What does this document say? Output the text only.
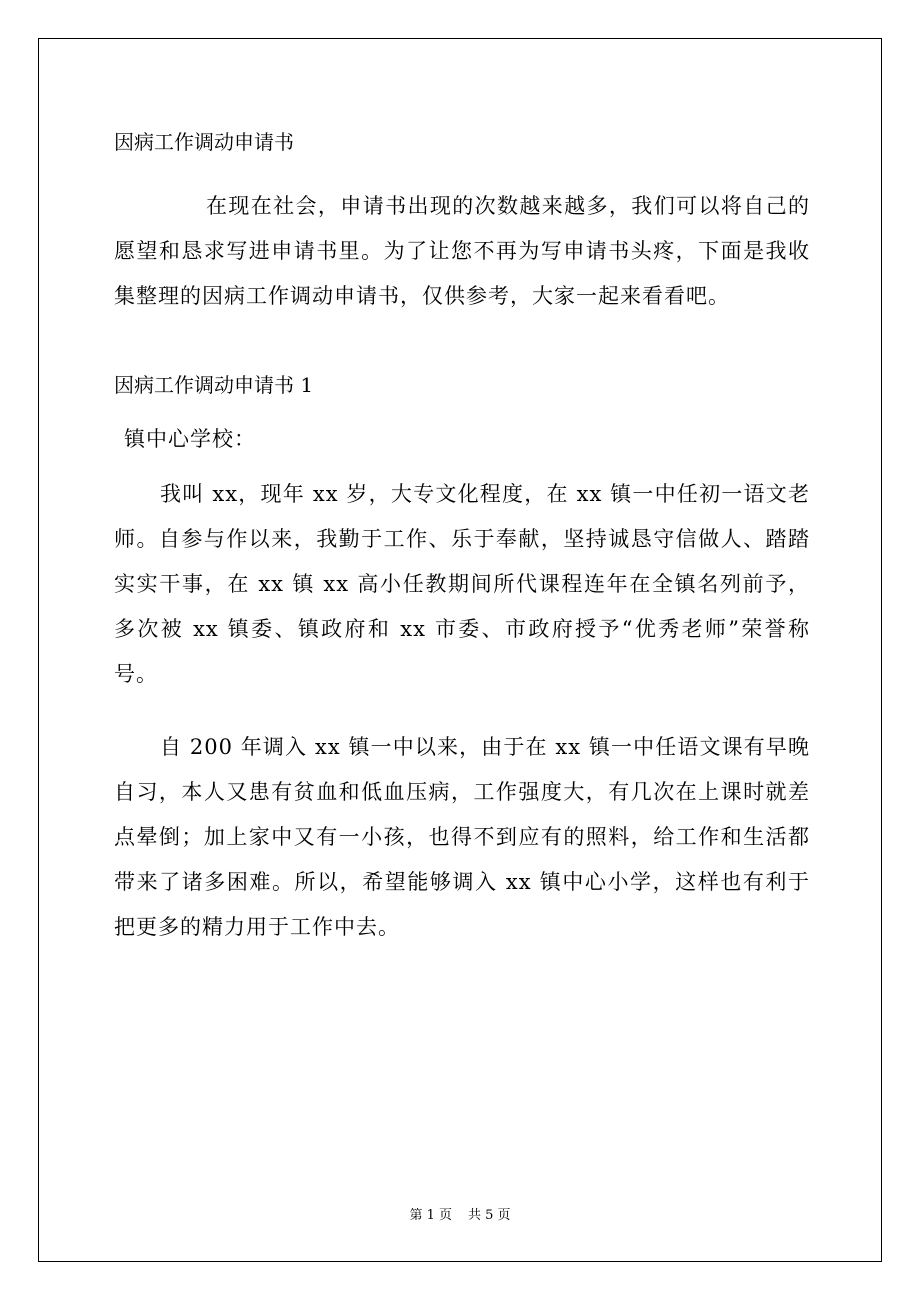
因病工作调动申请书

在现在社会，申请书出现的次数越来越多，我们可以将自己的愿望和恳求写进申请书里。为了让您不再为写申请书头疼，下面是我收集整理的因病工作调动申请书，仅供参考，大家一起来看看吧。

因病工作调动申请书 1

镇中心学校：

我叫 xx，现年 xx 岁，大专文化程度，在 xx 镇一中任初一语文老师。自参与作以来，我勤于工作、乐于奉献，坚持诚恳守信做人、踏踏实实干事，在 xx 镇 xx 高小任教期间所代课程连年在全镇名列前予，多次被 xx 镇委、镇政府和 xx 市委、市政府授予“优秀老师”荣誉称号。

自 200 年调入 xx 镇一中以来，由于在 xx 镇一中任语文课有早晚自习，本人又患有贫血和低血压病，工作强度大，有几次在上课时就差点晕倒；加上家中又有一小孩，也得不到应有的照料，给工作和生活都带来了诸多困难。所以，希望能够调入 xx 镇中心小学，这样也有利于把更多的精力用于工作中去。

第 1 页 共 5 页
